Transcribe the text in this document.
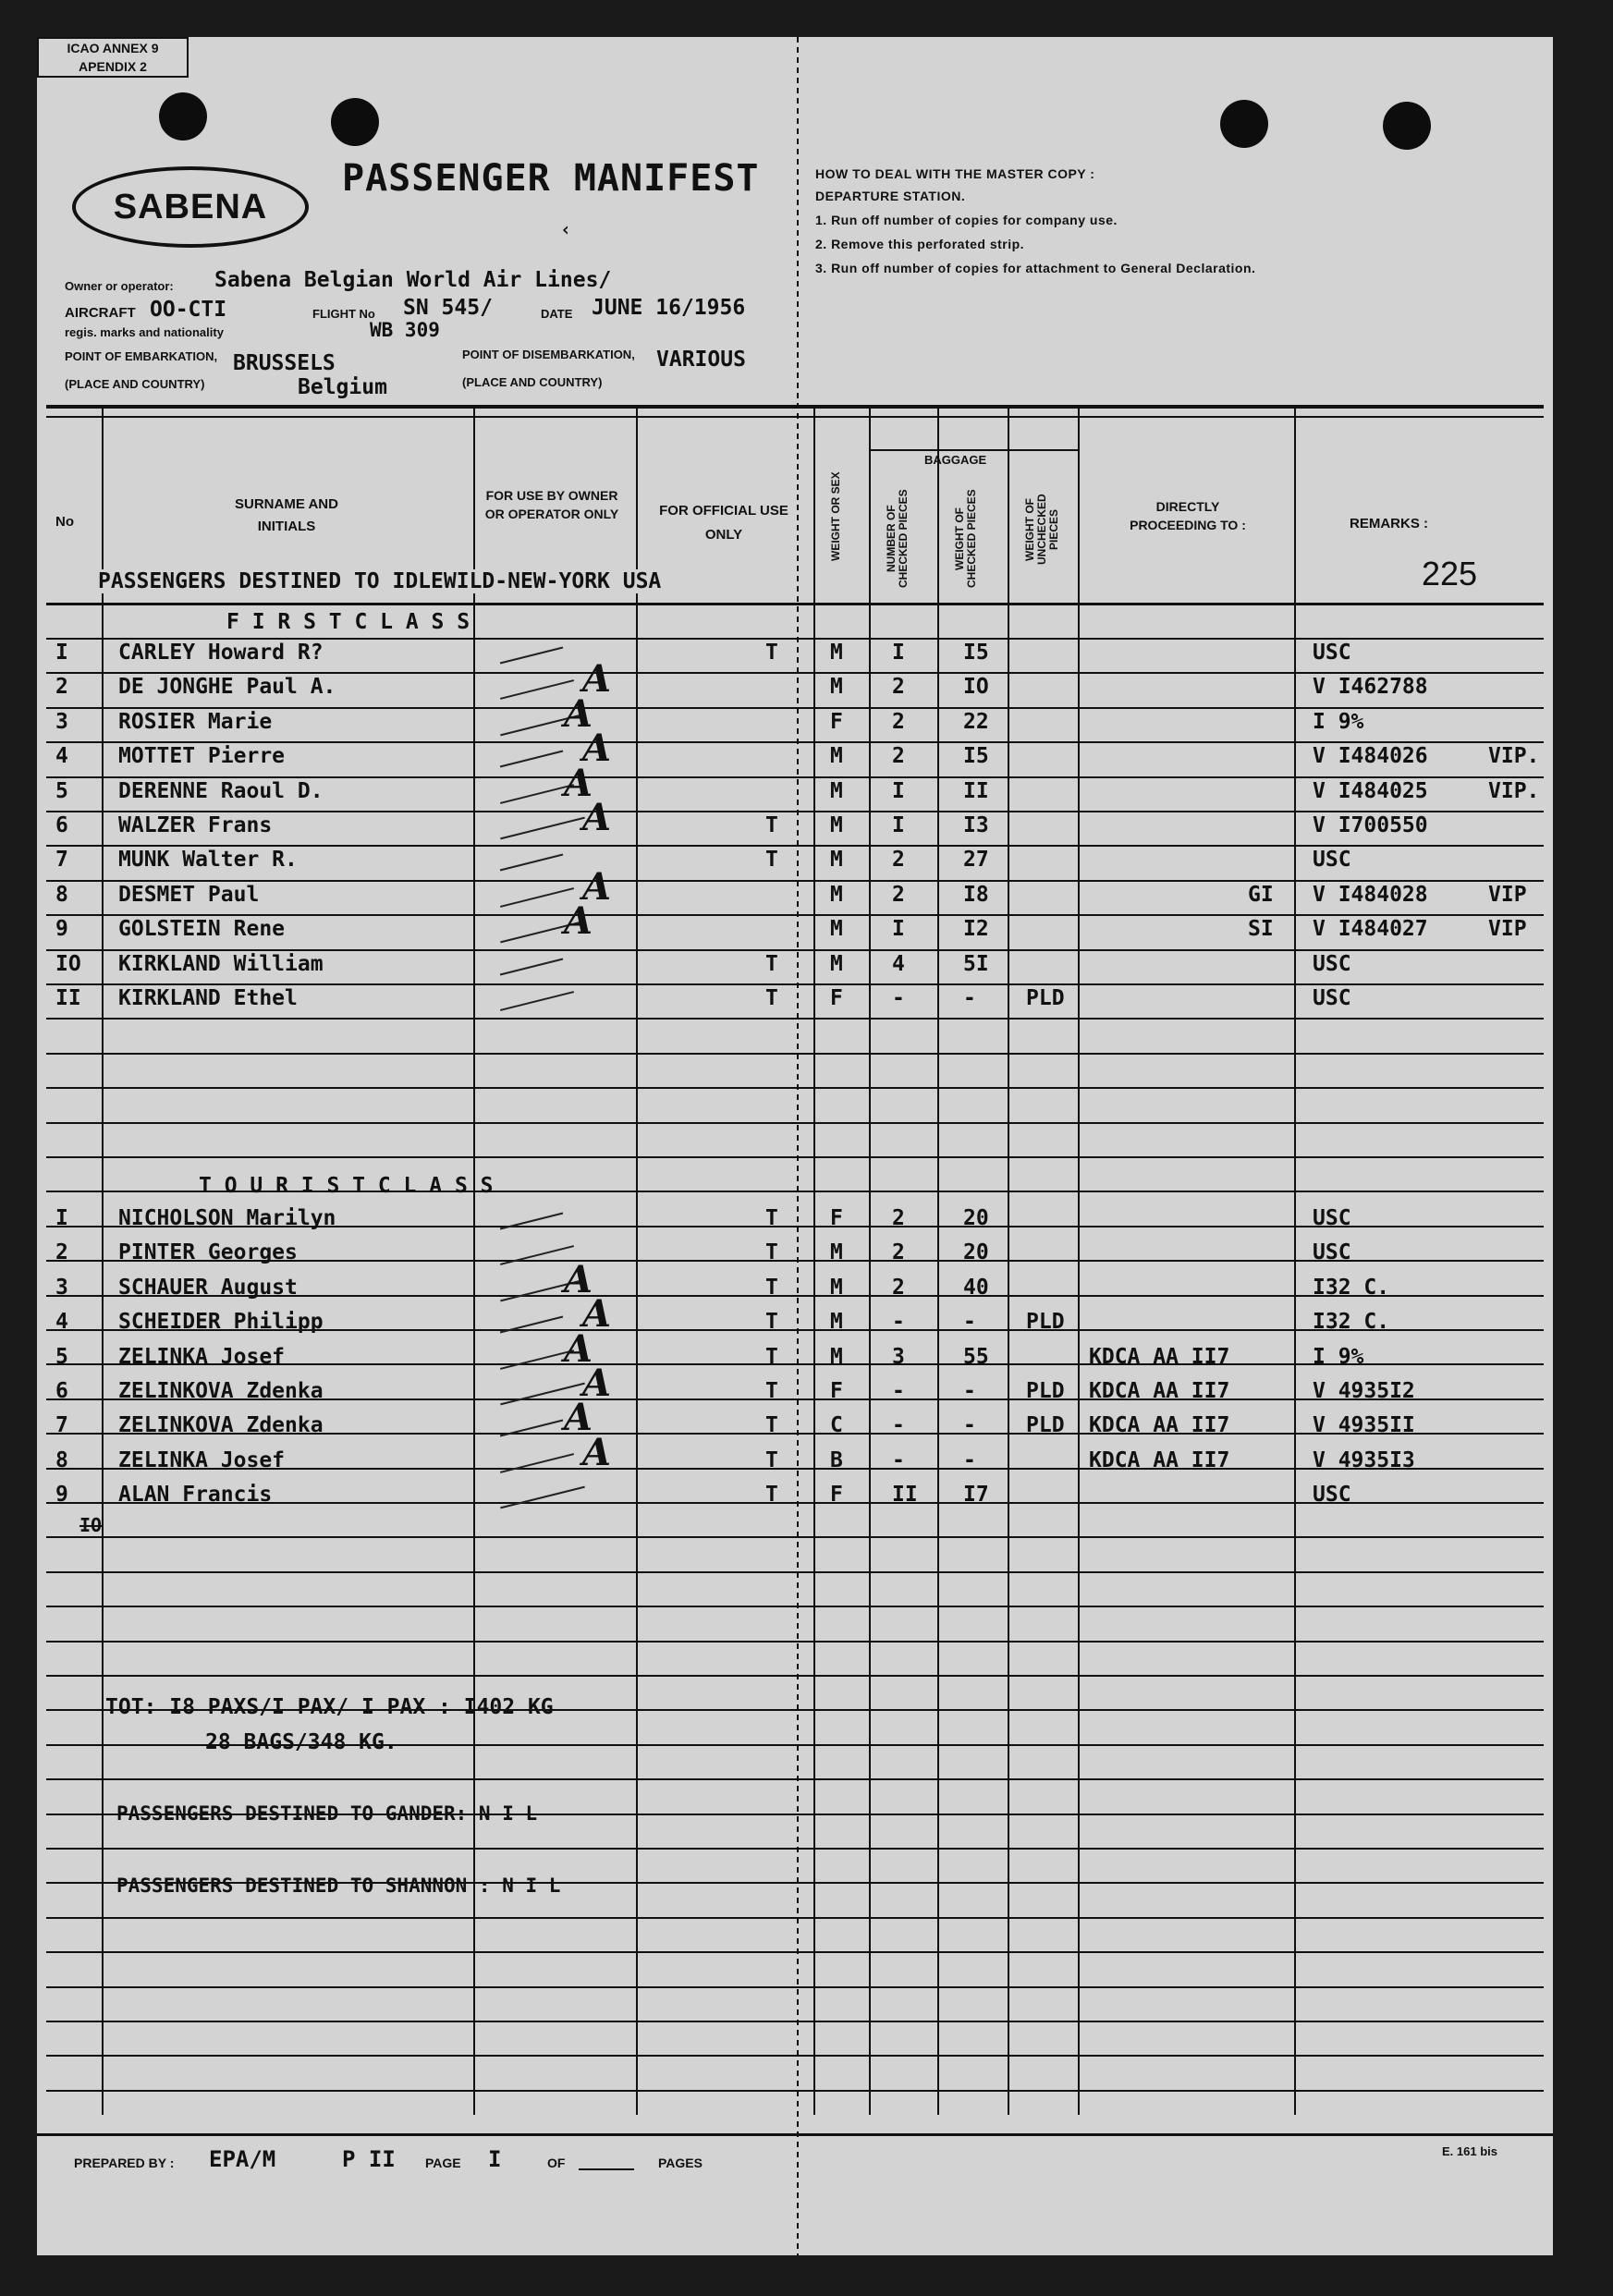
SABENA
PASSENGER MANIFEST
‹
ICAO ANNEX 9
APENDIX 2
HOW TO DEAL WITH THE MASTER COPY :
DEPARTURE STATION.
1. Run off number of copies for company use.
2. Remove this perforated strip.
3. Run off number of copies for attachment to General Declaration.
Owner or operator: Sabena Belgian World Air Lines/
AIRCRAFT OO-CTI	FLIGHT No SN 545/
WB 309
DATE JUNE 16/1956
regis. marks and nationality
POINT OF EMBARKATION,
(PLACE AND COUNTRY)
BRUSSELS
Belgium
POINT OF DISEMBARKATION,
(PLACE AND COUNTRY)
VARIOUS
No
SURNAME AND INITIALS
FOR USE BY OWNER OR OPERATOR ONLY	FOR OFFICIAL USE ONLY	WEIGHT OR SEX
BAGGAGE
NUMBER OF CHECKED PIECES	WEIGHT OF CHECKED PIECES	WEIGHT OF UNCHECKED PIECES
DIRECTLY PROCEEDING TO :	REMARKS :
225
PASSENGERS DESTINED TO IDLEWILD-NEW-YORK USA
F I R S T C L A S S
I CARLEY Howard R?	T M I	I5	USC
2 DE JONGHE Paul A.	M 2	IO	V I462788
A
3 ROSIER Marie	F 2	22	I 9%
A
4 MOTTET Pierre	M 2	I5	V I484026	VIP.
A
5 DERENNE Raoul D.	M I	II	V I484025	VIP.
A
6 WALZER Frans	T M I	I3	V I700550
A
7 MUNK Walter R.	T M 2	27	USC
8 DESMET Paul	M 2	I8	GI V I484028	VIP
A
9 GOLSTEIN Rene	M I	I2	SI V I484027	VIP
A
IO KIRKLAND William	T M 4	5I	USC
II KIRKLAND Ethel	T F -	- PLD	USC
T O U R I S T C L A S S
I NICHOLSON Marilyn	T F 2	20	USC
2 PINTER Georges	T M 2	20	USC
3 SCHAUER August	T M 2	40	I32 C.
A
4 SCHEIDER Philipp	T M -	- PLD	I32 C.
A
5 ZELINKA Josef	T M 3	55	KDCA AA II7	I 9%
A
6 ZELINKOVA Zdenka	T F -	- PLD KDCA AA II7	V 4935I2
A
7 ZELINKOVA Zdenka	T C -	- PLD KDCA AA II7	V 4935II
A
8 ZELINKA Josef	T B -	-	KDCA AA II7	V 4935I3
A
9 ALAN Francis	T F II I7	USC
IO
TOT: I8 PAXS/I PAX/ I PAX : I402 KG
28 BAGS/348 KG.
PASSENGERS DESTINED TO GANDER: N I L
PASSENGERS DESTINED TO SHANNON : N I L
PREPARED BY : EPA/M	P II PAGE I	OF	PAGES
E. 161 bis
